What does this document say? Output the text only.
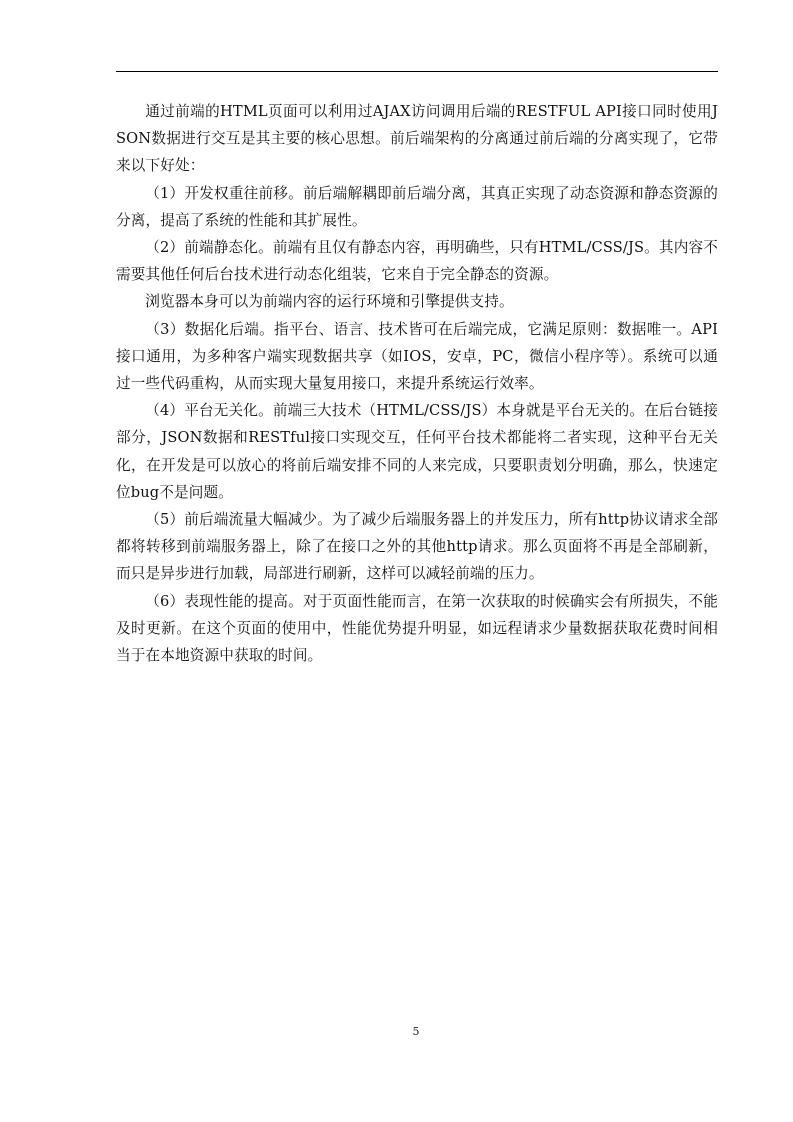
通过前端的HTML页面可以利用过AJAX访问调用后端的RESTFUL API接口同时使用JSON数据进行交互是其主要的核心思想。前后端架构的分离通过前后端的分离实现了，它带来以下好处：

（1）开发权重往前移。前后端解耦即前后端分离，其真正实现了动态资源和静态资源的分离，提高了系统的性能和其扩展性。

（2）前端静态化。前端有且仅有静态内容，再明确些，只有HTML/CSS/JS。其内容不需要其他任何后台技术进行动态化组装，它来自于完全静态的资源。

浏览器本身可以为前端内容的运行环境和引擎提供支持。

（3）数据化后端。指平台、语言、技术皆可在后端完成，它满足原则：数据唯一。API接口通用，为多种客户端实现数据共享（如IOS，安卓，PC，微信小程序等）。系统可以通过一些代码重构，从而实现大量复用接口，来提升系统运行效率。

（4）平台无关化。前端三大技术（HTML/CSS/JS）本身就是平台无关的。在后台链接部分，JSON数据和RESTful接口实现交互，任何平台技术都能将二者实现，这种平台无关化，在开发是可以放心的将前后端安排不同的人来完成，只要职责划分明确，那么，快速定位bug不是问题。

（5）前后端流量大幅减少。为了减少后端服务器上的并发压力，所有http协议请求全部都将转移到前端服务器上，除了在接口之外的其他http请求。那么页面将不再是全部刷新，而只是异步进行加载，局部进行刷新，这样可以减轻前端的压力。

（6）表现性能的提高。对于页面性能而言，在第一次获取的时候确实会有所损失，不能及时更新。在这个页面的使用中，性能优势提升明显，如远程请求少量数据获取花费时间相当于在本地资源中获取的时间。

5
